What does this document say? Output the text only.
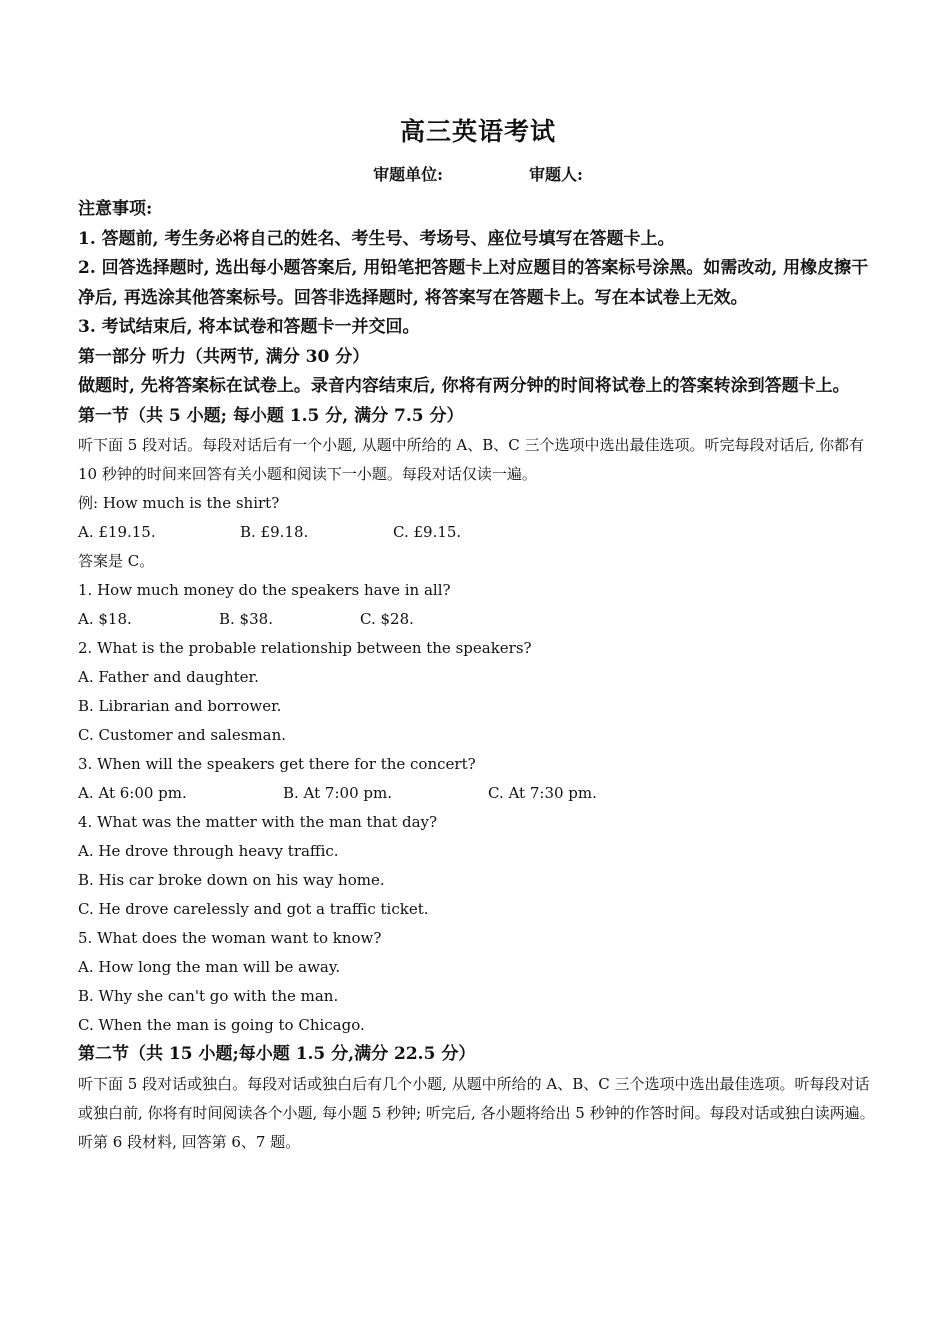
高三英语考试
审题单位:	审题人:

注意事项:

1. 答题前, 考生务必将自己的姓名、考生号、考场号、座位号填写在答题卡上。

2. 回答选择题时, 选出每小题答案后, 用铅笔把答题卡上对应题目的答案标号涂黑。如需改动, 用橡皮擦干净后, 再选涂其他答案标号。回答非选择题时, 将答案写在答题卡上。写在本试卷上无效。

3. 考试结束后, 将本试卷和答题卡一并交回。

第一部分 听力（共两节, 满分 30 分）

做题时, 先将答案标在试卷上。录音内容结束后, 你将有两分钟的时间将试卷上的答案转涂到答题卡上。

第一节（共 5 小题; 每小题 1.5 分, 满分 7.5 分）

听下面 5 段对话。每段对话后有一个小题, 从题中所给的 A、B、C 三个选项中选出最佳选项。听完每段对话后, 你都有 10 秒钟的时间来回答有关小题和阅读下一小题。每段对话仅读一遍。

例: How much is the shirt?

A. £19.15.	B. £9.18.	C. £9.15.

答案是 C。

1. How much money do the speakers have in all?

A. $18.	B. $38.	C. $28.

2. What is the probable relationship between the speakers?

A. Father and daughter.

B. Librarian and borrower.

C. Customer and salesman.

3. When will the speakers get there for the concert?

A. At 6:00 pm.	B. At 7:00 pm.	C. At 7:30 pm.

4. What was the matter with the man that day?

A. He drove through heavy traffic.

B. His car broke down on his way home.

C. He drove carelessly and got a traffic ticket.

5. What does the woman want to know?

A. How long the man will be away.

B. Why she can't go with the man.

C. When the man is going to Chicago.

第二节（共 15 小题;每小题 1.5 分,满分 22.5 分）

听下面 5 段对话或独白。每段对话或独白后有几个小题, 从题中所给的 A、B、C 三个选项中选出最佳选项。听每段对话或独白前, 你将有时间阅读各个小题, 每小题 5 秒钟; 听完后, 各小题将给出 5 秒钟的作答时间。每段对话或独白读两遍。

听第 6 段材料, 回答第 6、7 题。
